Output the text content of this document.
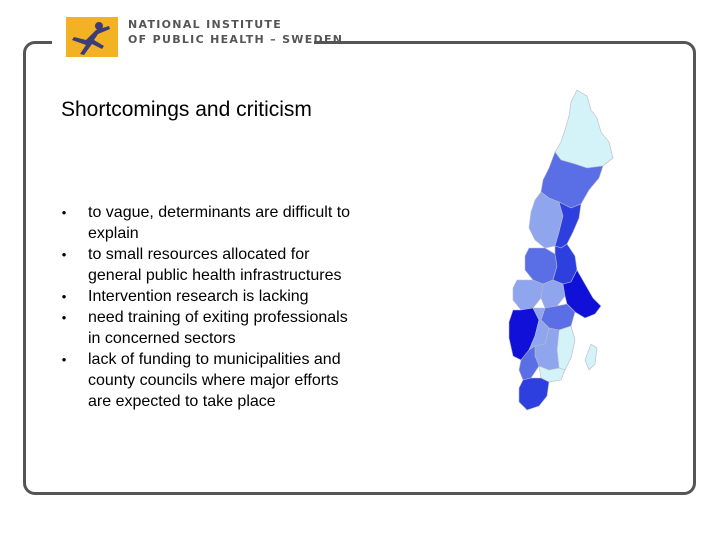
NATIONAL INSTITUTE
OF PUBLIC HEALTH – SWEDEN
Shortcomings and criticism
• to vague, determinants are difficult to explain
• to small resources allocated for general public health infrastructures
• Intervention research is lacking
• need training of exiting professionals in concerned sectors
• lack of funding to municipalities and county councils where major efforts are expected to take place
